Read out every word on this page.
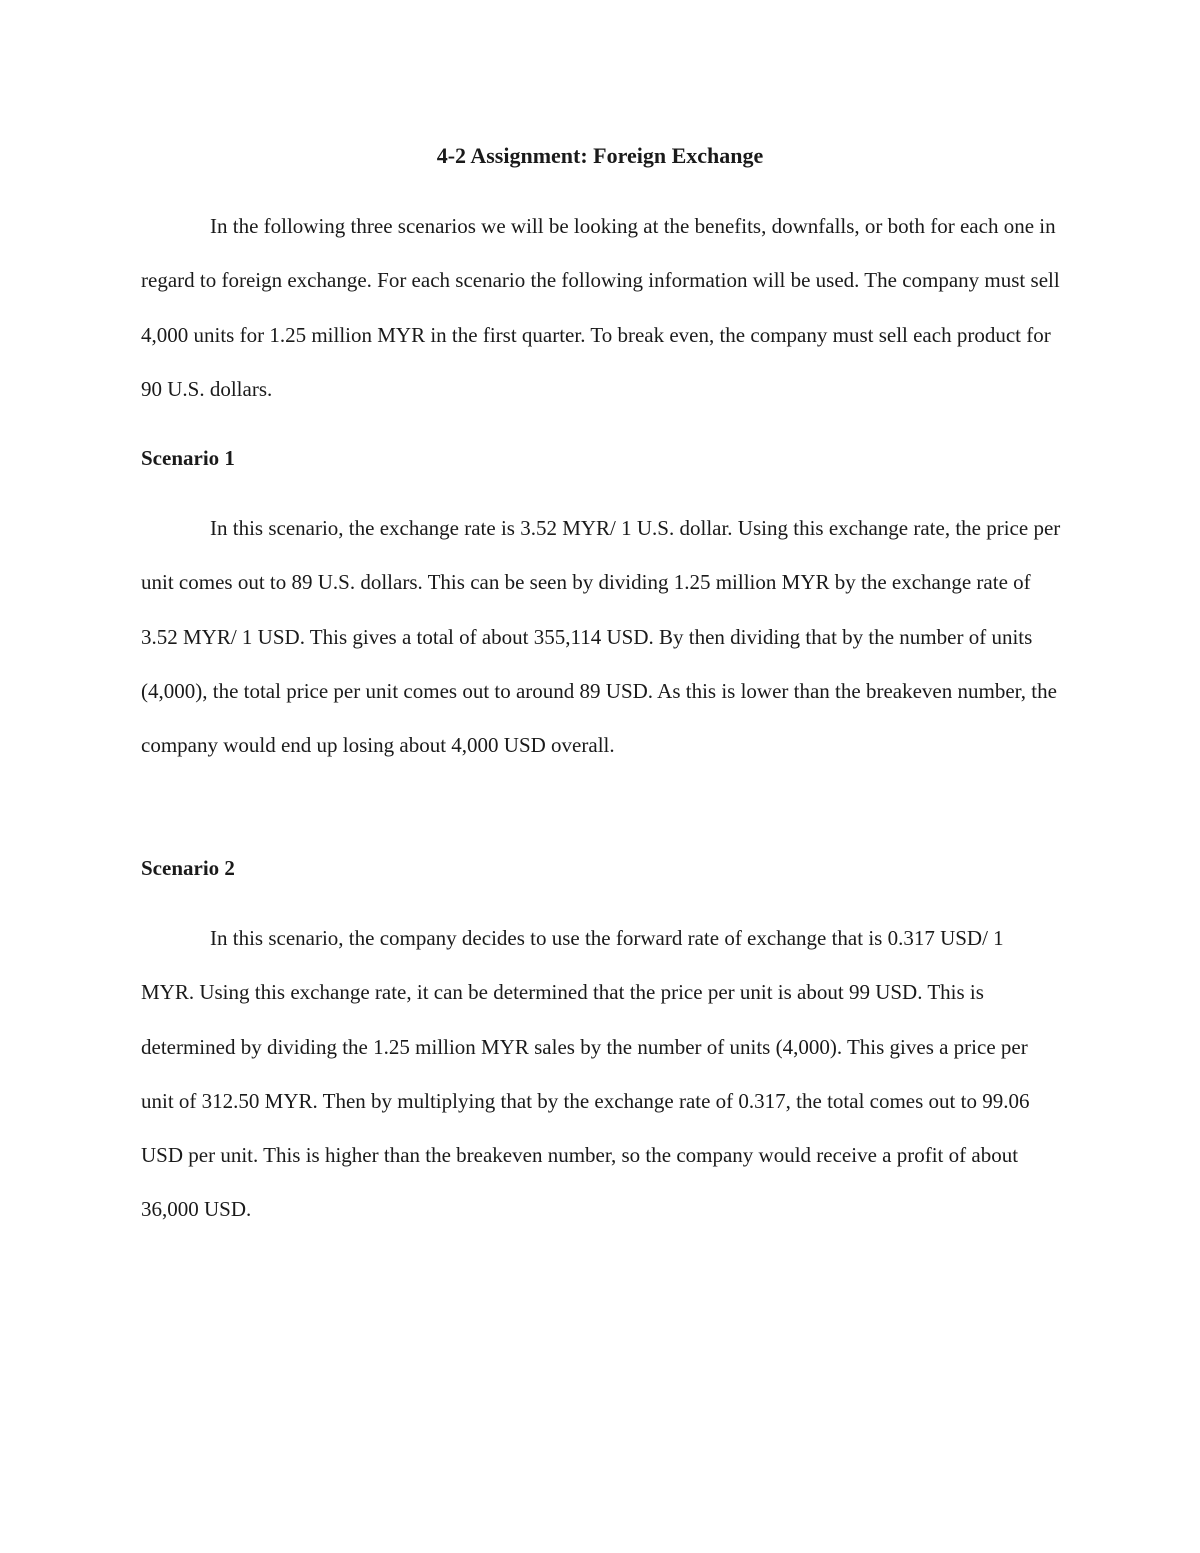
4-2 Assignment: Foreign Exchange

In the following three scenarios we will be looking at the benefits, downfalls, or both for each one in regard to foreign exchange. For each scenario the following information will be used. The company must sell 4,000 units for 1.25 million MYR in the first quarter. To break even, the company must sell each product for 90 U.S. dollars.

Scenario 1

In this scenario, the exchange rate is 3.52 MYR/ 1 U.S. dollar. Using this exchange rate, the price per unit comes out to 89 U.S. dollars. This can be seen by dividing 1.25 million MYR by the exchange rate of 3.52 MYR/ 1 USD. This gives a total of about 355,114 USD. By then dividing that by the number of units (4,000), the total price per unit comes out to around 89 USD. As this is lower than the breakeven number, the company would end up losing about 4,000 USD overall.

Scenario 2

In this scenario, the company decides to use the forward rate of exchange that is 0.317 USD/ 1 MYR. Using this exchange rate, it can be determined that the price per unit is about 99 USD. This is determined by dividing the 1.25 million MYR sales by the number of units (4,000). This gives a price per unit of 312.50 MYR. Then by multiplying that by the exchange rate of 0.317, the total comes out to 99.06 USD per unit. This is higher than the breakeven number, so the company would receive a profit of about 36,000 USD.
